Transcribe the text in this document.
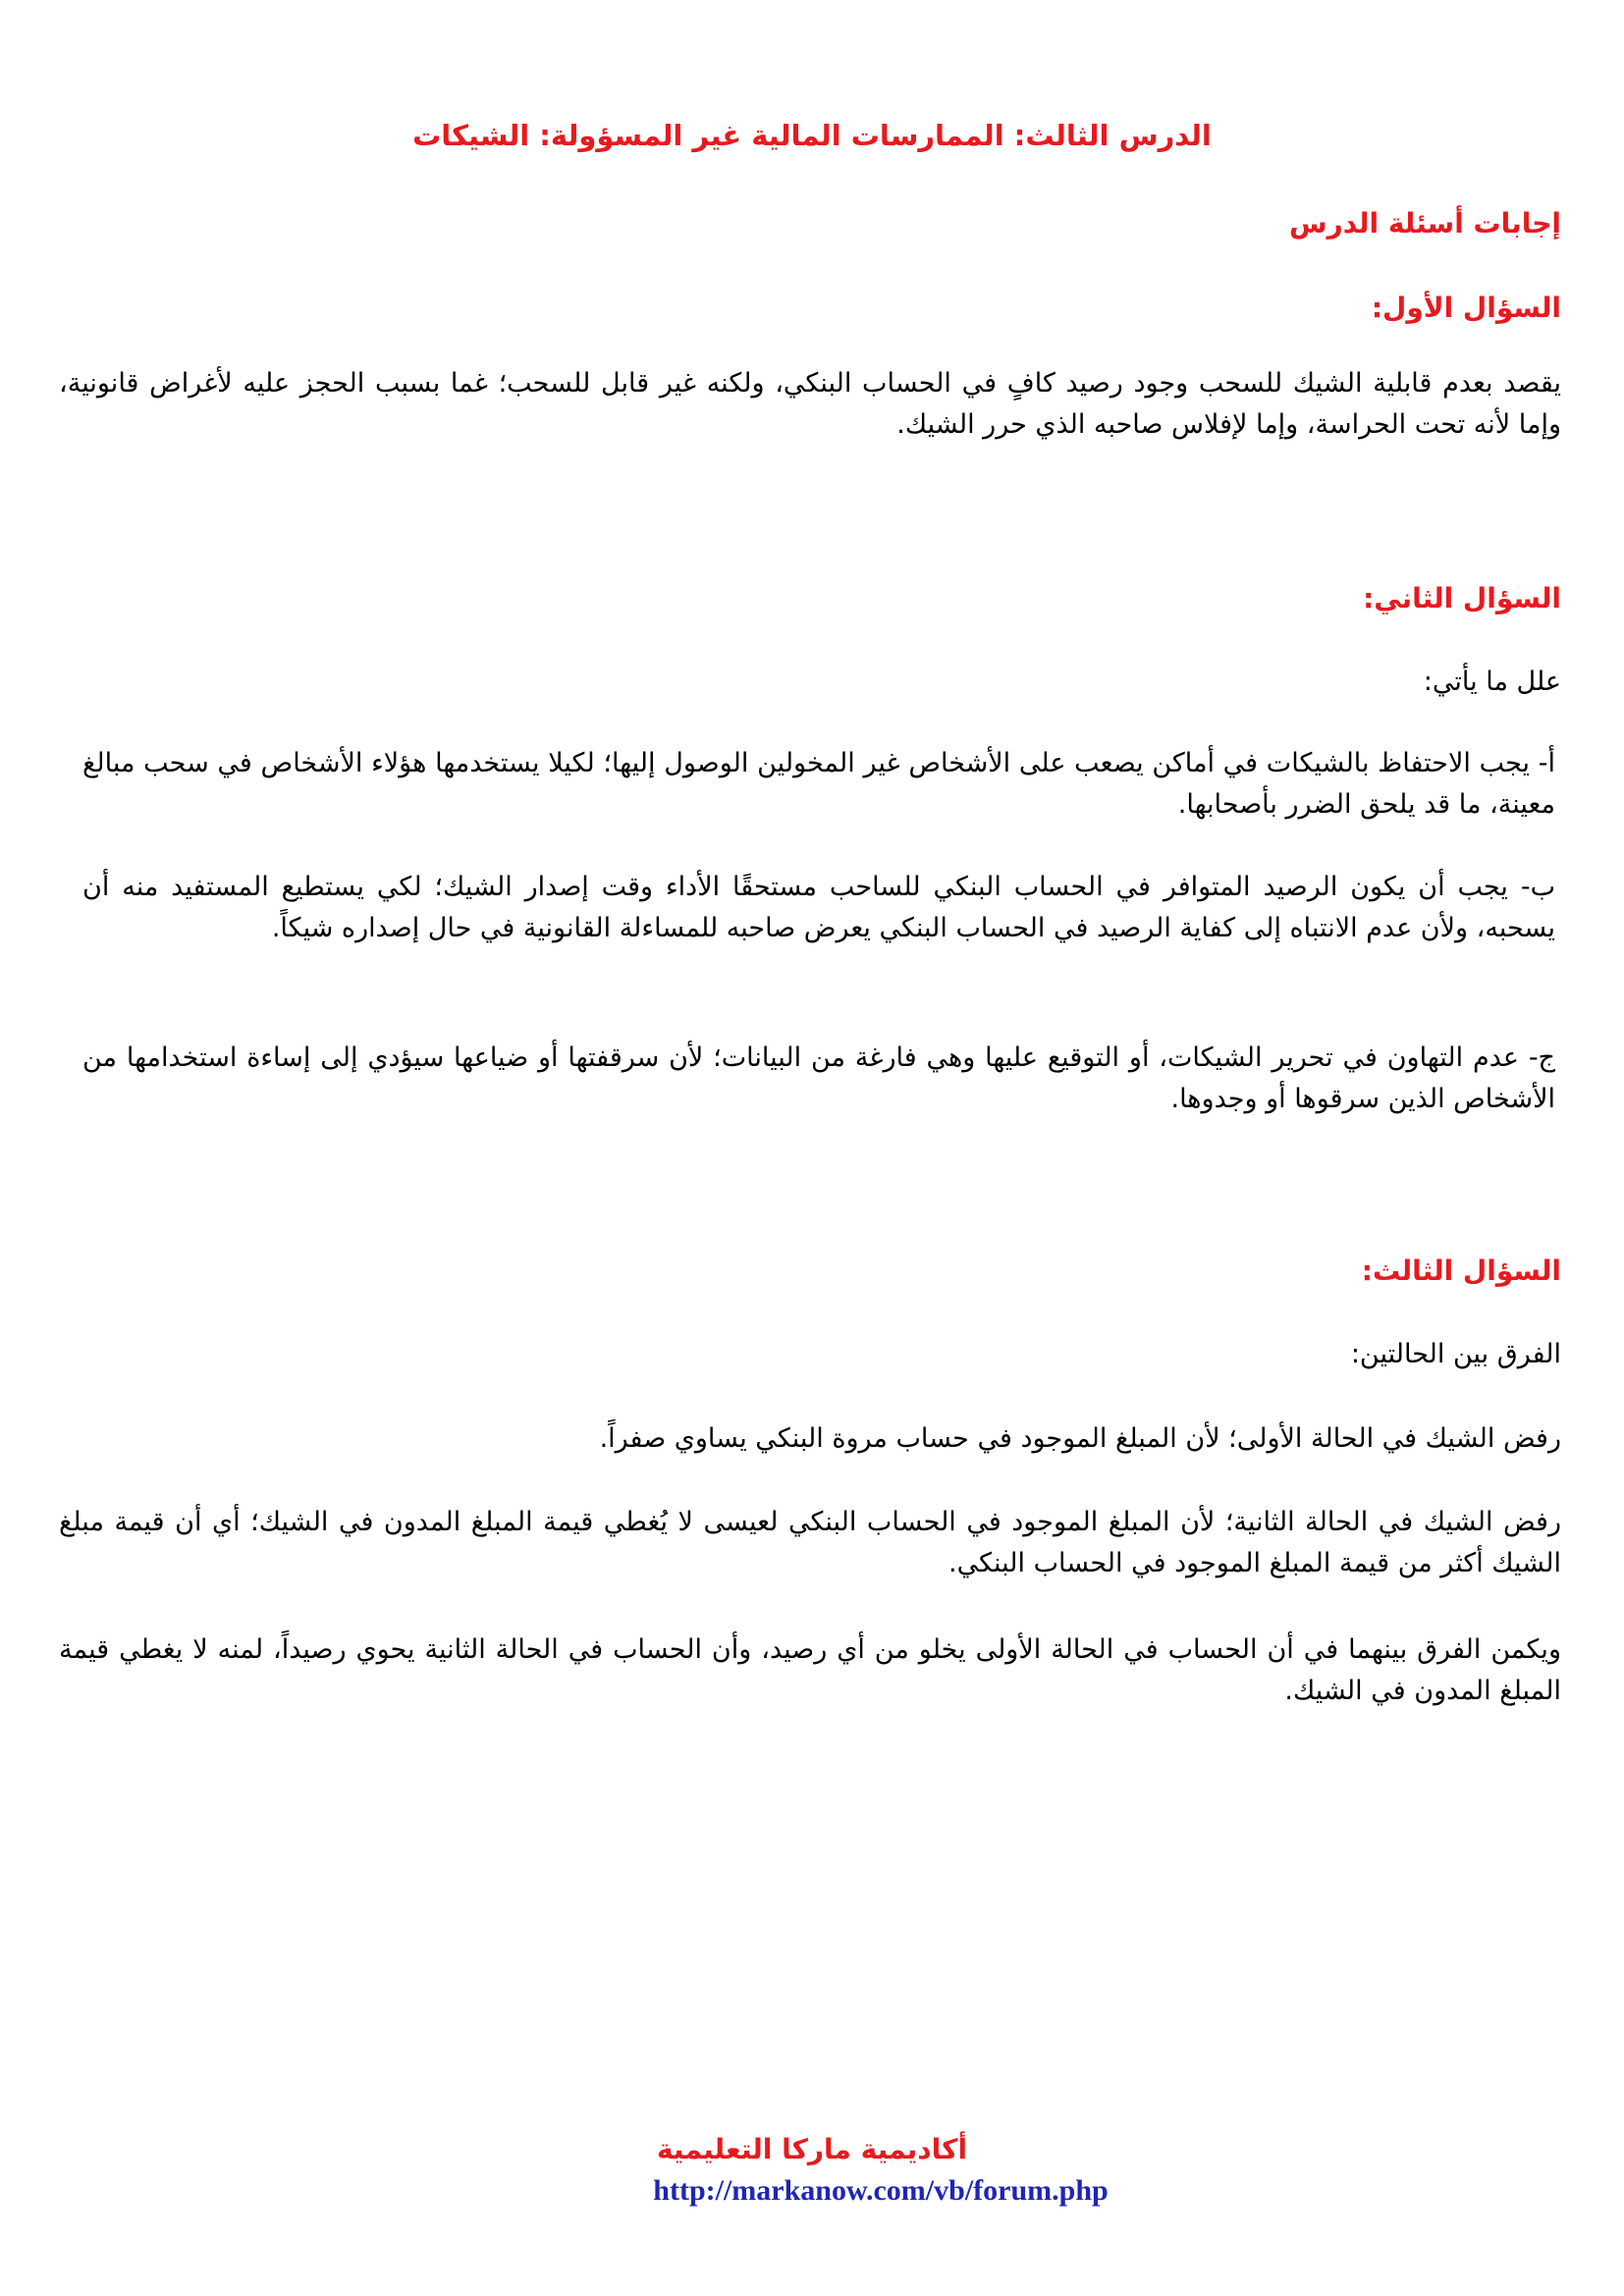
الدرس الثالث: الممارسات المالية غير المسؤولة: الشيكات
إجابات أسئلة الدرس
السؤال الأول:
يقصد بعدم قابلية الشيك للسحب وجود رصيد كافٍ في الحساب البنكي، ولكنه غير قابل للسحب؛ غما بسبب الحجز عليه لأغراض قانونية، وإما لأنه تحت الحراسة، وإما لإفلاس صاحبه الذي حرر الشيك.
السؤال الثاني:
علل ما يأتي:
أ- يجب الاحتفاظ بالشيكات في أماكن يصعب على الأشخاص غير المخولين الوصول إليها؛ لكيلا يستخدمها هؤلاء الأشخاص في سحب مبالغ معينة، ما قد يلحق الضرر بأصحابها.
ب- يجب أن يكون الرصيد المتوافر في الحساب البنكي للساحب مستحقًا الأداء وقت إصدار الشيك؛ لكي يستطيع المستفيد منه أن يسحبه، ولأن عدم الانتباه إلى كفاية الرصيد في الحساب البنكي يعرض صاحبه للمساءلة القانونية في حال إصداره شيكاً.
ج- عدم التهاون في تحرير الشيكات، أو التوقيع عليها وهي فارغة من البيانات؛ لأن سرقفتها أو ضياعها سيؤدي إلى إساءة استخدامها من الأشخاص الذين سرقوها أو وجدوها.
السؤال الثالث:
الفرق بين الحالتين:
رفض الشيك في الحالة الأولى؛ لأن المبلغ الموجود في حساب مروة البنكي يساوي صفراً.
رفض الشيك في الحالة الثانية؛ لأن المبلغ الموجود في الحساب البنكي لعيسى لا يُغطي قيمة المبلغ المدون في الشيك؛ أي أن قيمة مبلغ الشيك أكثر من قيمة المبلغ الموجود في الحساب البنكي.
ويكمن الفرق بينهما في أن الحساب في الحالة الأولى يخلو من أي رصيد، وأن الحساب في الحالة الثانية يحوي رصيداً، لمنه لا يغطي قيمة المبلغ المدون في الشيك.
أكاديمية ماركا التعليمية
http://markanow.com/vb/forum.php
